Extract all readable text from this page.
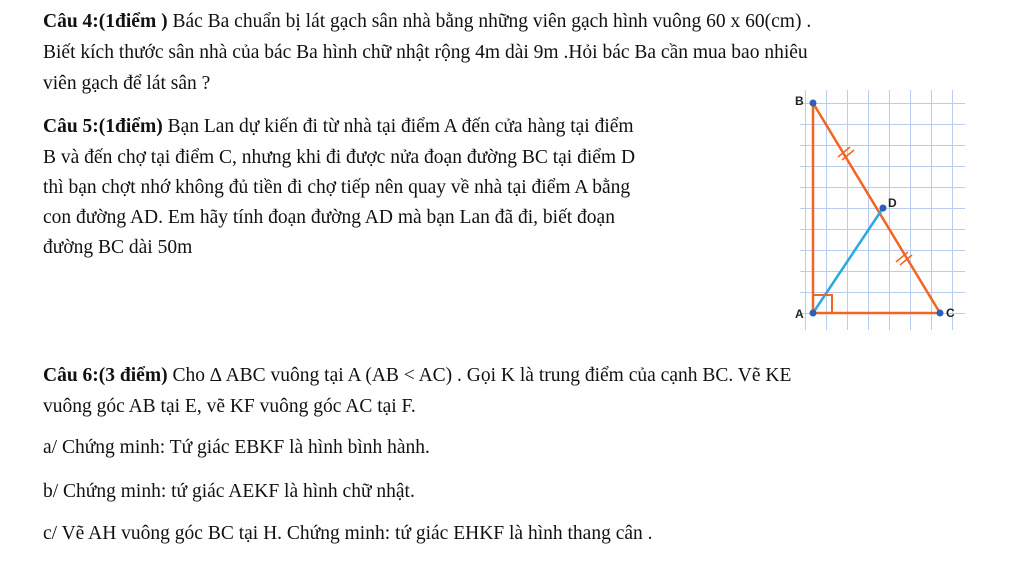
Câu 4:(1điểm ) Bác Ba chuẩn bị lát gạch sân nhà bằng những viên gạch hình vuông 60 x 60(cm) .
Biết kích thước sân nhà của bác Ba hình chữ nhật rộng 4m dài 9m .Hỏi bác Ba cần mua bao nhiêu
viên gạch để lát sân ?
Câu 5:(1điểm) Bạn Lan dự kiến đi từ nhà tại điểm A đến cửa hàng tại điểm
B và đến chợ tại điểm C, nhưng khi đi được nửa đoạn đường BC tại điểm D
thì bạn chợt nhớ không đủ tiền đi chợ tiếp nên quay về nhà tại điểm A bằng
con đường AD. Em hãy tính đoạn đường AD mà bạn Lan đã đi, biết đoạn
đường BC dài 50m
B
D
A	C
Câu 6:(3 điểm) Cho ∆ ABC vuông tại A (AB < AC) . Gọi K là trung điểm của cạnh BC. Vẽ KE
vuông góc AB tại E, vẽ KF vuông góc AC tại F.
a/ Chứng minh: Tứ giác EBKF là hình bình hành.
b/ Chứng minh: tứ giác AEKF là hình chữ nhật.
c/ Vẽ AH vuông góc BC tại H. Chứng minh: tứ giác EHKF là hình thang cân .
